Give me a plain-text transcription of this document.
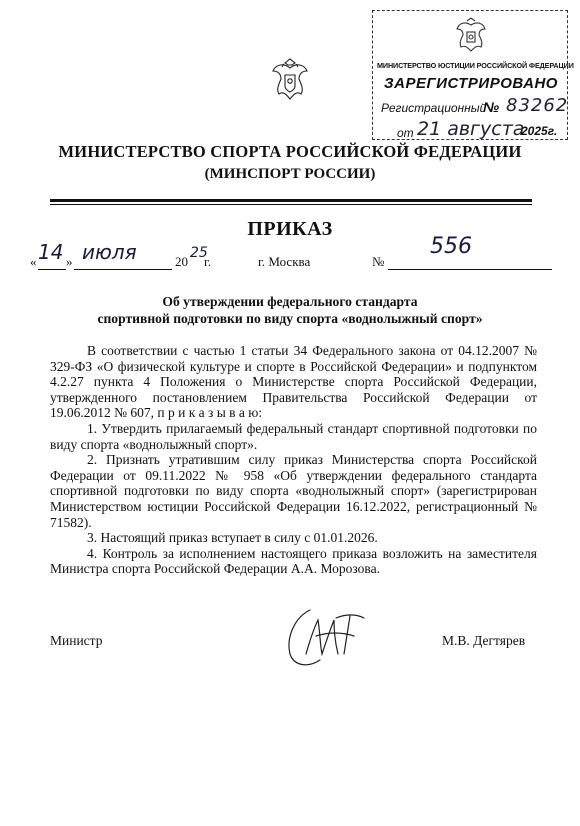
МИНИСТЕРСТВО ЮСТИЦИИ РОССИЙСКОЙ ФЕДЕРАЦИИ
ЗАРЕГИСТРИРОВАНО
Регистрационный
№ 83262
от 21 августа
2025г.
МИНИСТЕРСТВО СПОРТА РОССИЙСКОЙ ФЕДЕРАЦИИ
(МИНСПОРТ РОССИИ)
ПРИКАЗ
« 14 » июля	20
25
г.	г. Москва	№
556
Об утверждении федерального стандарта
спортивной подготовки по виду спорта «воднолыжный спорт»

В соответствии с частью 1 статьи 34 Федерального закона от 04.12.2007 № 329-ФЗ «О физической культуре и спорте в Российской Федерации» и подпунктом 4.2.27 пункта 4 Положения о Министерстве спорта Российской Федерации, утвержденного постановлением Правительства Российской Федерации от 19.06.2012 № 607, п р и к а з ы в а ю:

1. Утвердить прилагаемый федеральный стандарт спортивной подготовки по виду спорта «воднолыжный спорт».

2. Признать утратившим силу приказ Министерства спорта Российской Федерации от 09.11.2022 № 958 «Об утверждении федерального стандарта спортивной подготовки по виду спорта «воднолыжный спорт» (зарегистрирован Министерством юстиции Российской Федерации 16.12.2022, регистрационный № 71582).

3. Настоящий приказ вступает в силу с 01.01.2026.

4. Контроль за исполнением настоящего приказа возложить на заместителя Министра спорта Российской Федерации А.А. Морозова.

Министр	М.В. Дегтярев
